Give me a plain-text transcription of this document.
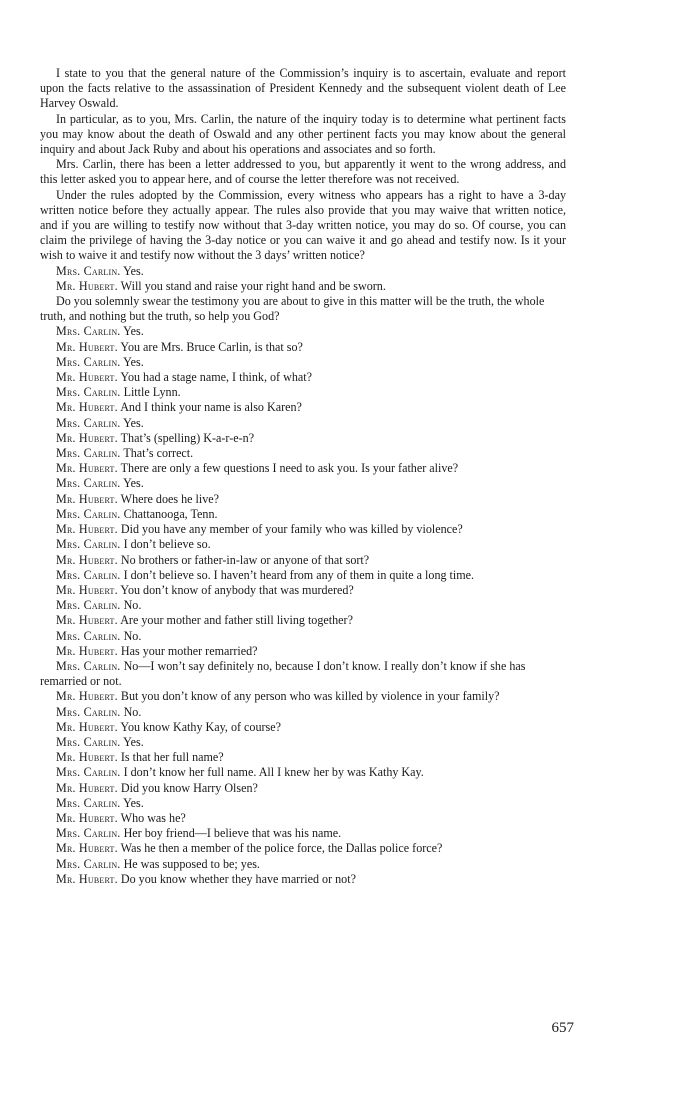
I state to you that the general nature of the Commission’s inquiry is to ascertain, evaluate and report upon the facts relative to the assassination of President Kennedy and the subsequent violent death of Lee Harvey Oswald.

In particular, as to you, Mrs. Carlin, the nature of the inquiry today is to determine what pertinent facts you may know about the death of Oswald and any other pertinent facts you may know about the general inquiry and about Jack Ruby and about his operations and associates and so forth.

Mrs. Carlin, there has been a letter addressed to you, but apparently it went to the wrong address, and this letter asked you to appear here, and of course the letter therefore was not received.

Under the rules adopted by the Commission, every witness who appears has a right to have a 3-day written notice before they actually appear. The rules also provide that you may waive that written notice, and if you are willing to testify now without that 3-day written notice, you may do so. Of course, you can claim the privilege of having the 3-day notice or you can waive it and go ahead and testify now. Is it your wish to waive it and testify now without the 3 days’ written notice?

Mrs. Carlin. Yes.

Mr. Hubert. Will you stand and raise your right hand and be sworn.

Do you solemnly swear the testimony you are about to give in this matter will be the truth, the whole truth, and nothing but the truth, so help you God?

Mrs. Carlin. Yes.

Mr. Hubert. You are Mrs. Bruce Carlin, is that so?

Mrs. Carlin. Yes.

Mr. Hubert. You had a stage name, I think, of what?

Mrs. Carlin. Little Lynn.

Mr. Hubert. And I think your name is also Karen?

Mrs. Carlin. Yes.

Mr. Hubert. That’s (spelling) K-a-r-e-n?

Mrs. Carlin. That’s correct.

Mr. Hubert. There are only a few questions I need to ask you. Is your father alive?

Mrs. Carlin. Yes.

Mr. Hubert. Where does he live?

Mrs. Carlin. Chattanooga, Tenn.

Mr. Hubert. Did you have any member of your family who was killed by violence?

Mrs. Carlin. I don’t believe so.

Mr. Hubert. No brothers or father-in-law or anyone of that sort?

Mrs. Carlin. I don’t believe so. I haven’t heard from any of them in quite a long time.

Mr. Hubert. You don’t know of anybody that was murdered?

Mrs. Carlin. No.

Mr. Hubert. Are your mother and father still living together?

Mrs. Carlin. No.

Mr. Hubert. Has your mother remarried?

Mrs. Carlin. No—I won’t say definitely no, because I don’t know. I really don’t know if she has remarried or not.

Mr. Hubert. But you don’t know of any person who was killed by violence in your family?

Mrs. Carlin. No.

Mr. Hubert. You know Kathy Kay, of course?

Mrs. Carlin. Yes.

Mr. Hubert. Is that her full name?

Mrs. Carlin. I don’t know her full name. All I knew her by was Kathy Kay.

Mr. Hubert. Did you know Harry Olsen?

Mrs. Carlin. Yes.

Mr. Hubert. Who was he?

Mrs. Carlin. Her boy friend—I believe that was his name.

Mr. Hubert. Was he then a member of the police force, the Dallas police force?

Mrs. Carlin. He was supposed to be; yes.

Mr. Hubert. Do you know whether they have married or not?

657
